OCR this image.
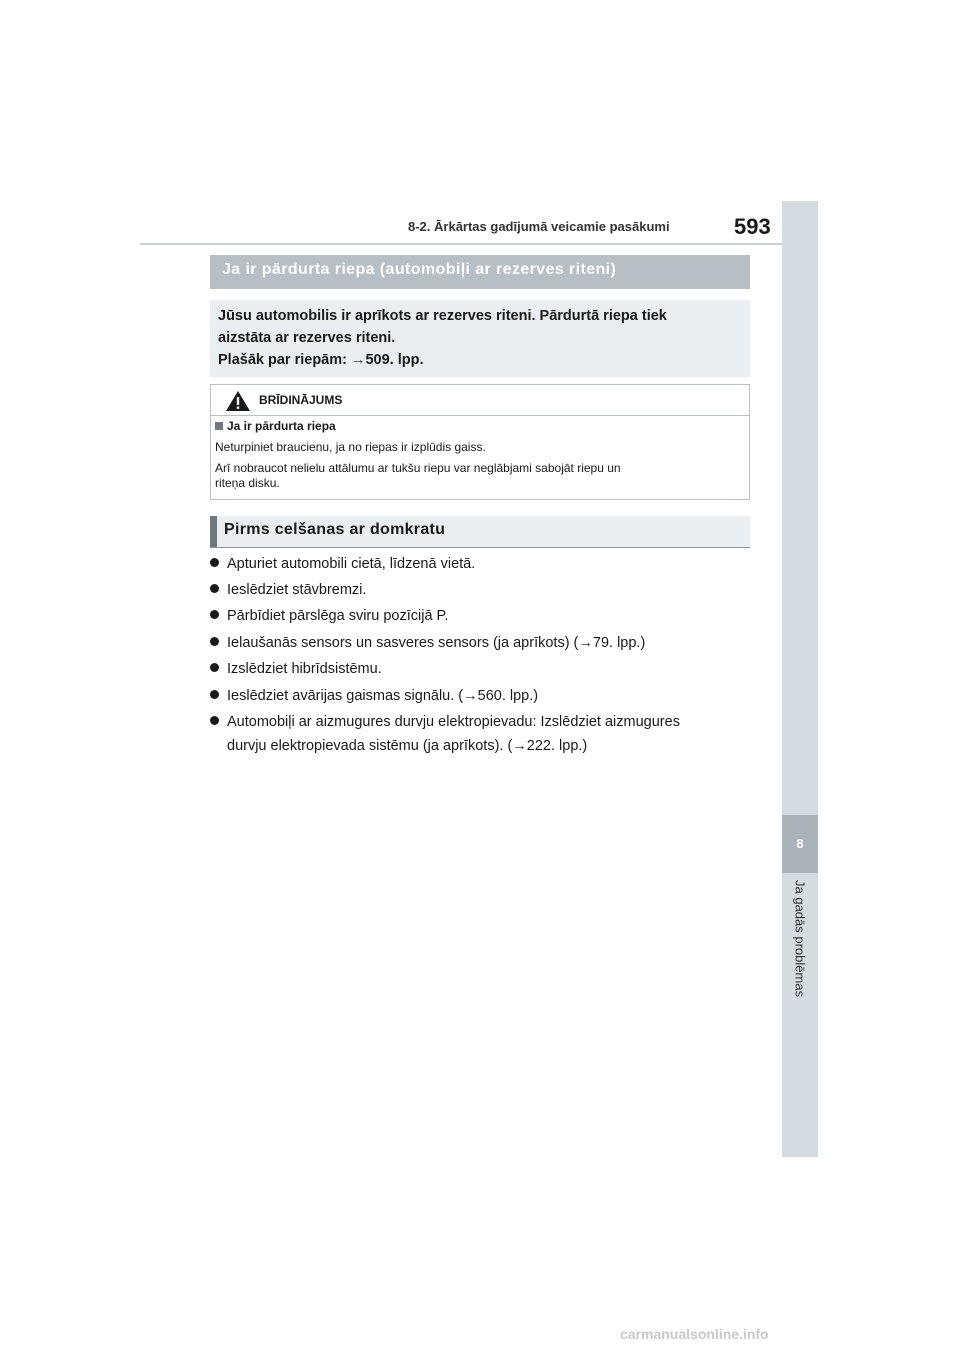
8-2. Ārkārtas gadījumā veicamie pasākumi	593
8
Ja gadās problēmas
Ja ir pārdurta riepa (automobiļi ar rezerves riteni)
Jūsu automobilis ir aprīkots ar rezerves riteni. Pārdurtā riepa tiek
aizstāta ar rezerves riteni.
Plašāk par riepām: →509. lpp.
BRĪDINĀJUMS
Ja ir pārdurta riepa
Neturpiniet braucienu, ja no riepas ir izplūdis gaiss.
Arī nobraucot nelielu attālumu ar tukšu riepu var neglābjami sabojāt riepu un
riteņa disku.
Pirms celšanas ar domkratu
Apturiet automobili cietā, līdzenā vietā.
Ieslēdziet stāvbremzi.
Pārbīdiet pārslēga sviru pozīcijā P.
Ielaušanās sensors un sasveres sensors (ja aprīkots) (→79. lpp.)
Izslēdziet hibrīdsistēmu.
Ieslēdziet avārijas gaismas signālu. (→560. lpp.)
Automobiļi ar aizmugures durvju elektropievadu: Izslēdziet aizmugures
durvju elektropievada sistēmu (ja aprīkots). (→222. lpp.)
carmanualsonline.info
